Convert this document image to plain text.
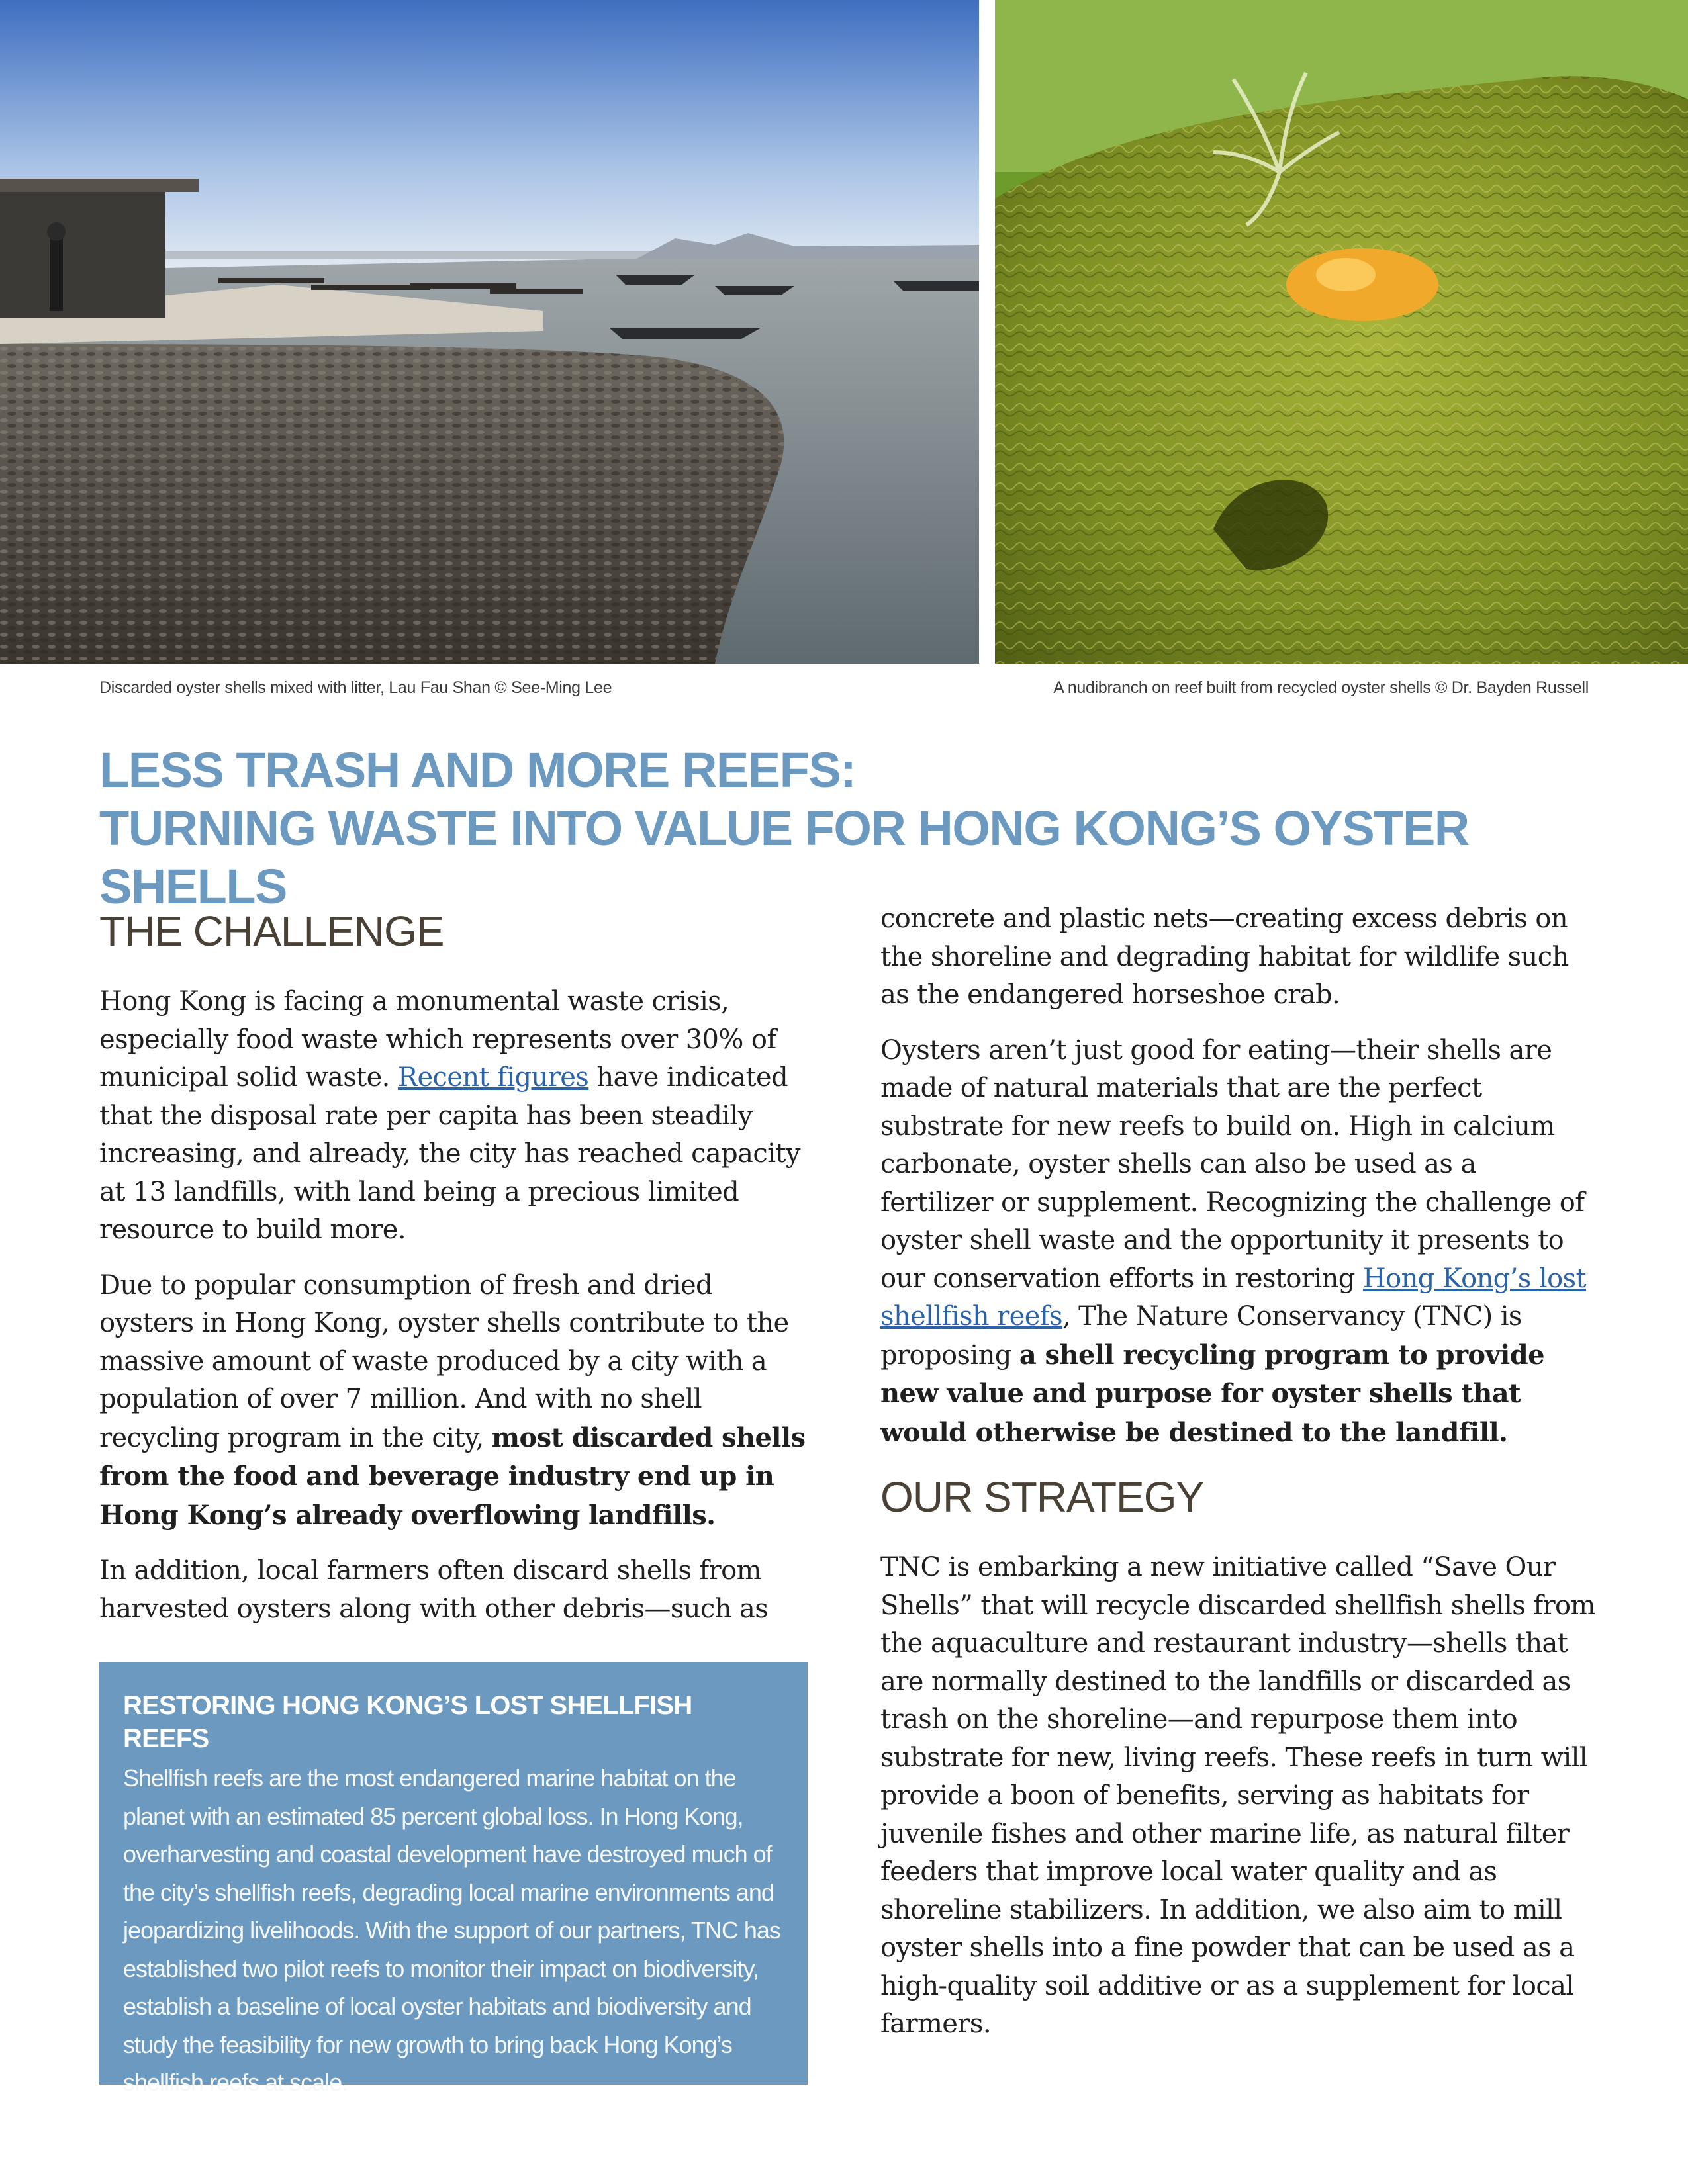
Discarded oyster shells mixed with litter, Lau Fau Shan © See-Ming Lee	A nudibranch on reef built from recycled oyster shells © Dr. Bayden Russell
LESS TRASH AND MORE REEFS:
TURNING WASTE INTO VALUE FOR HONG KONG’S OYSTER SHELLS
THE CHALLENGE

Hong Kong is facing a monumental waste crisis, especially food waste which represents over 30% of municipal solid waste. Recent figures have indicated that the disposal rate per capita has been steadily increasing, and already, the city has reached capacity at 13 landfills, with land being a precious limited resource to build more.

Due to popular consumption of fresh and dried oysters in Hong Kong, oyster shells contribute to the massive amount of waste produced by a city with a population of over 7 million. And with no shell recycling program in the city, most discarded shells from the food and beverage industry end up in Hong Kong’s already overflowing landfills.

In addition, local farmers often discard shells from harvested oysters along with other debris—such as

RESTORING HONG KONG’S LOST SHELLFISH REEFS

Shellfish reefs are the most endangered marine habitat on the planet with an estimated 85 percent global loss. In Hong Kong, overharvesting and coastal development have destroyed much of the city’s shellfish reefs, degrading local marine environments and jeopardizing livelihoods. With the support of our partners, TNC has established two pilot reefs to monitor their impact on biodiversity, establish a baseline of local oyster habitats and biodiversity and study the feasibility for new growth to bring back Hong Kong’s shellfish reefs at scale.

concrete and plastic nets—creating excess debris on the shoreline and degrading habitat for wildlife such as the endangered horseshoe crab.

Oysters aren’t just good for eating—their shells are made of natural materials that are the perfect substrate for new reefs to build on. High in calcium carbonate, oyster shells can also be used as a fertilizer or supplement. Recognizing the challenge of oyster shell waste and the opportunity it presents to our conservation efforts in restoring Hong Kong’s lost shellfish reefs, The Nature Conservancy (TNC) is proposing a shell recycling program to provide new value and purpose for oyster shells that would otherwise be destined to the landfill.

OUR STRATEGY

TNC is embarking a new initiative called “Save Our Shells” that will recycle discarded shellfish shells from the aquaculture and restaurant industry—shells that are normally destined to the landfills or discarded as trash on the shoreline—and repurpose them into substrate for new, living reefs. These reefs in turn will provide a boon of benefits, serving as habitats for juvenile fishes and other marine life, as natural filter feeders that improve local water quality and as shoreline stabilizers. In addition, we also aim to mill oyster shells into a fine powder that can be used as a high-quality soil additive or as a supplement for local farmers.
